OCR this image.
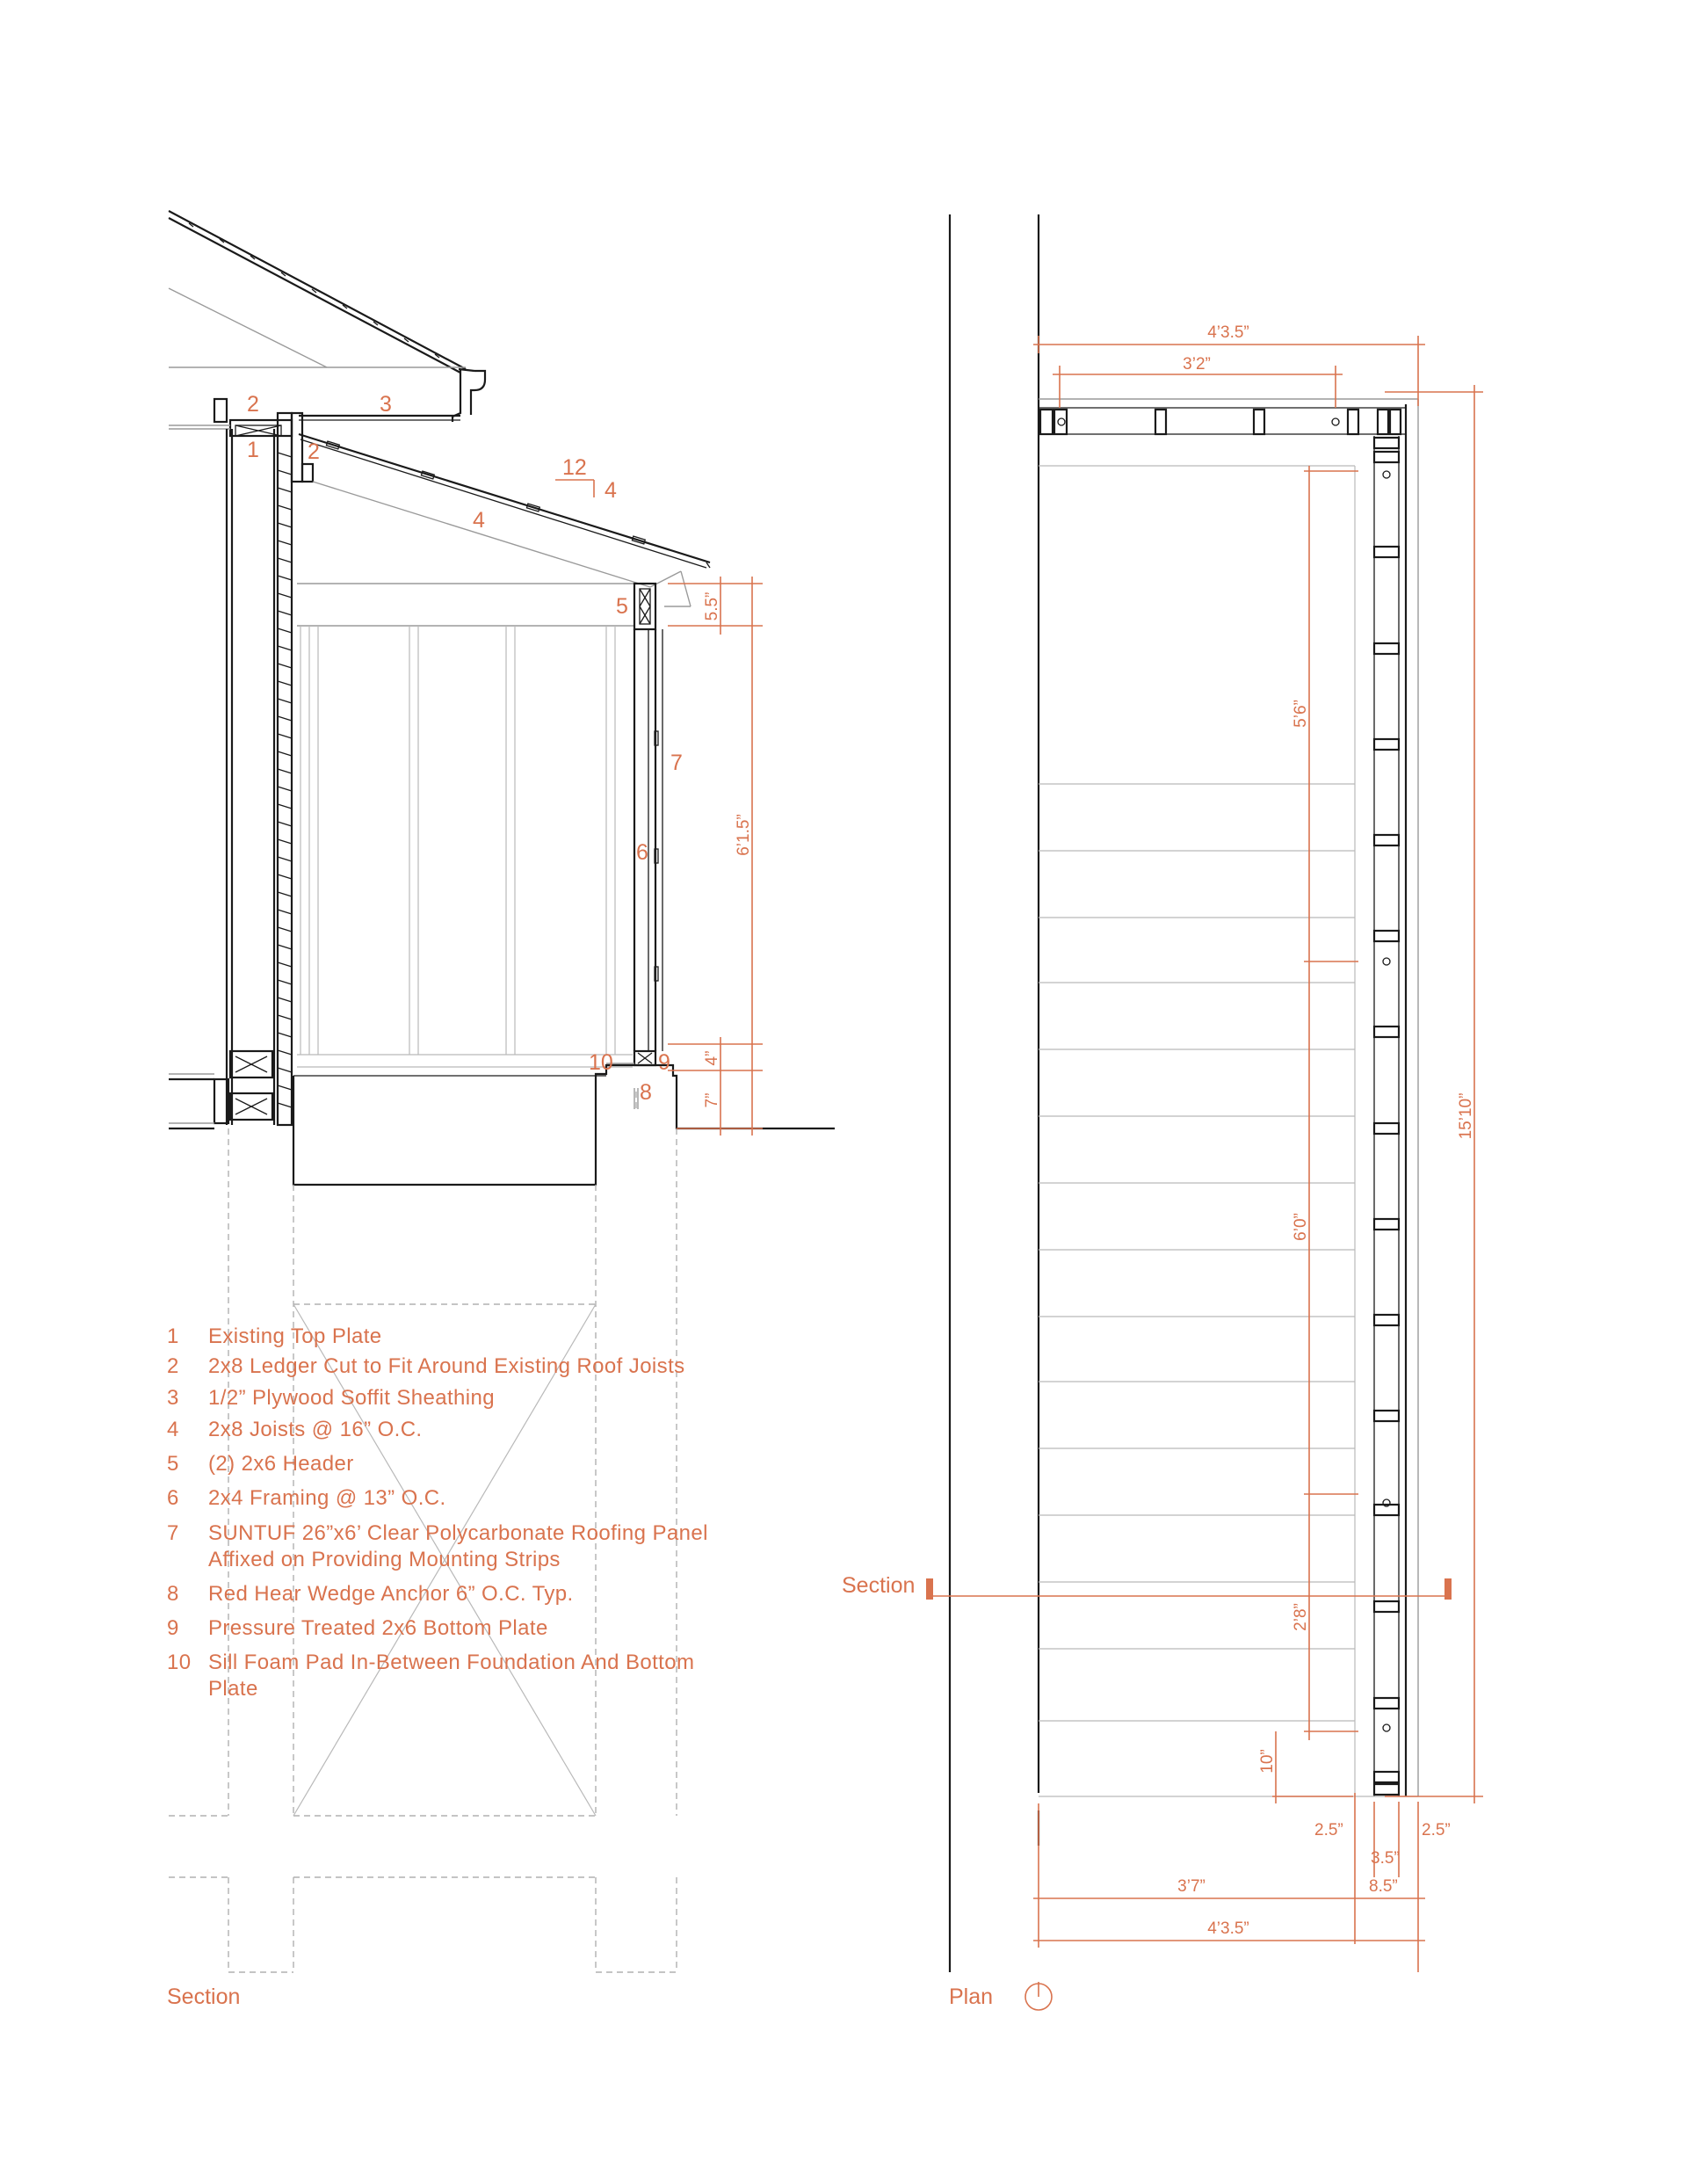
2	3
1 2
4
5
7
6
10 9
8
12
4
5.5”
6’1.5”
4”
7”
Section
1 Existing Top Plate
2 2x8 Ledger Cut to Fit Around Existing Roof Joists
3 1/2” Plywood Soffit Sheathing
4 2x8 Joists @ 16” O.C.
5 (2) 2x6 Header
6 2x4 Framing @ 13” O.C.
7 SUNTUF 26”x6’ Clear Polycarbonate Roofing Panel
Affixed on Providing Mounting Strips
8 Red Hear Wedge Anchor 6” O.C. Typ.
9 Pressure Treated 2x6 Bottom Plate
10 Sill Foam Pad In-Between Foundation And Bottom
Plate
Section
4’3.5”
3’2”
5’6”
15’10”
6’0”
2’8”
10”
2.5”	2.5”
3.5”
3’7”	8.5”
4’3.5”
Plan
